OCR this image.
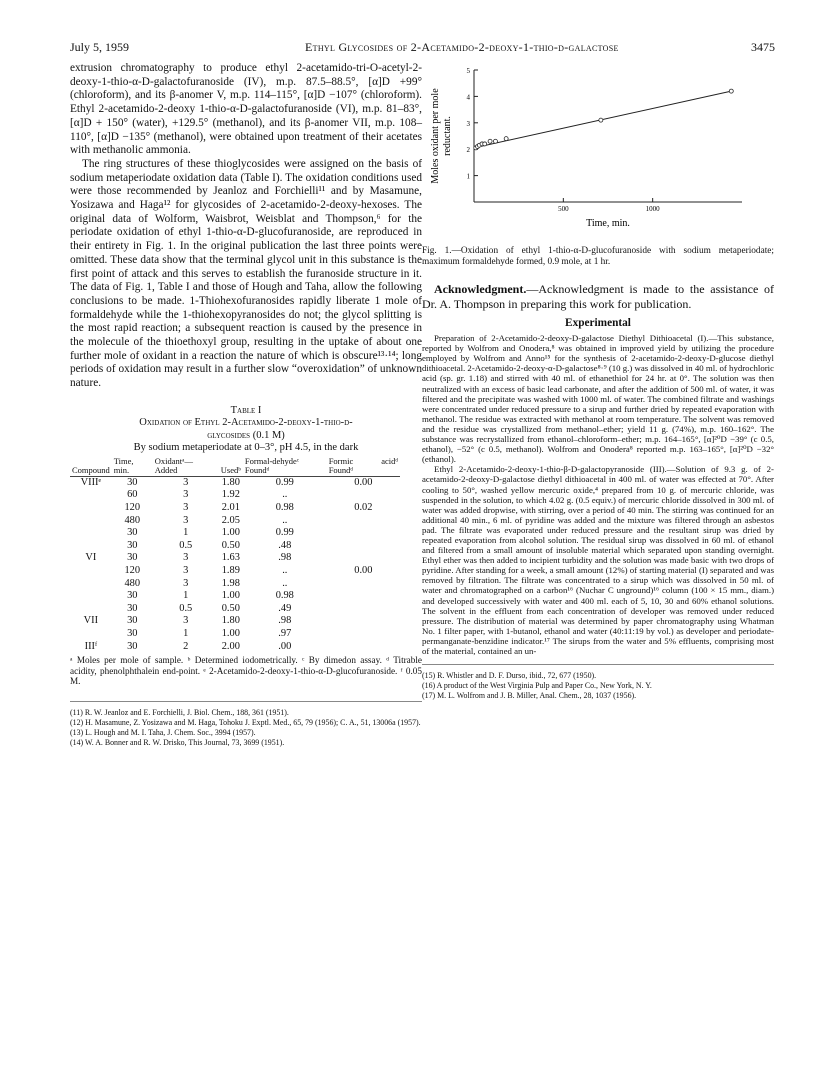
July 5, 1959	Ethyl Glycosides of 2-Acetamido-2-deoxy-1-thio-d-galactose	3475

extrusion chromatography to produce ethyl 2-acetamido-tri-O-acetyl-2-deoxy-1-thio-α-D-galactofuranoside (IV), m.p. 87.5–88.5°, [α]D +99° (chloroform), and its β-anomer V, m.p. 114–115°, [α]D −107° (chloroform). Ethyl 2-acetamido-2-deoxy 1-thio-α-D-galactofuranoside (VI), m.p. 81–83°, [α]D + 150° (water), +129.5° (methanol), and its β-anomer VII, m.p. 108–110°, [α]D −135° (methanol), were obtained upon treatment of their acetates with methanolic ammonia.

The ring structures of these thioglycosides were assigned on the basis of sodium metaperiodate oxidation data (Table I). The oxidation conditions used were those recommended by Jeanloz and Forchielli¹¹ and by Masamune, Yosizawa and Haga¹² for glycosides of 2-acetamido-2-deoxy-hexoses. The original data of Wolform, Waisbrot, Weisblat and Thompson,⁶ for the periodate oxidation of ethyl 1-thio-α-D-glucofuranoside, are reproduced in their entirety in Fig. 1. In the original publication the last three points were omitted. These data show that the terminal glycol unit in this substance is the first point of attack and this serves to establish the furanoside structure in it. The data of Fig. 1, Table I and those of Hough and Taha, allow the following conclusions to be made. 1-Thiohexofuranosides rapidly liberate 1 mole of formaldehyde while the 1-thiohexopyranosides do not; the glycol splitting is the most rapid reaction; a subsequent reaction is caused by the presence in the molecule of the thioethoxyl group, resulting in the uptake of about one further mole of oxidant in a reaction the nature of which is obscure¹³·¹⁴; long periods of oxidation may result in a further slow “overoxidation” of unknown nature.

Table I
Oxidation of Ethyl 2-Acetamido-2-deoxy-1-thio-d-
glycosides (0.1 M)
By sodium metaperiodate at 0–3°, pH 4.5, in the dark
Compound	Time, min.	Oxidantᵃ— Added	Usedᵇ	Formal-dehydeᶜ Foundᵈ	Formic acidᵈ Foundᵈ
VIIIᵉ	30	3	1.80	0.99	0.00
	60	3	1.92	..	
	120	3	2.01	0.98	0.02
	480	3	2.05	..	
	30	1	1.00	0.99	
	30	0.5	0.50	.48	
VI	30	3	1.63	.98	
	120	3	1.89	..	0.00
	480	3	1.98	..	
	30	1	1.00	0.98	
	30	0.5	0.50	.49	
VII	30	3	1.80	.98	
	30	1	1.00	.97	
IIIᶠ	30	2	2.00	.00	
ᵃ Moles per mole of sample. ᵇ Determined iodometrically. ᶜ By dimedon assay. ᵈ Titrable acidity, phenolphthalein end-point. ᵉ 2-Acetamido-2-deoxy-1-thio-α-D-glucofuranoside. ᶠ 0.05 M.

(11) R. W. Jeanloz and E. Forchielli, J. Biol. Chem., 188, 361 (1951).

(12) H. Masamune, Z. Yosizawa and M. Haga, Tohoku J. Exptl. Med., 65, 79 (1956); C. A., 51, 13006a (1957).

(13) L. Hough and M. I. Taha, J. Chem. Soc., 3994 (1957).

(14) W. A. Bonner and R. W. Drisko, This Journal, 73, 3699 (1951).

1
2
3
4
5
500	1000
Time, min.
Moles oxidant per mole reductant.
Fig. 1.—Oxidation of ethyl 1-thio-α-D-glucofuranoside with sodium metaperiodate; maximum formaldehyde formed, 0.9 mole, at 1 hr.

Acknowledgment.—Acknowledgment is made to the assistance of Dr. A. Thompson in preparing this work for publication.

Experimental

Preparation of 2-Acetamido-2-deoxy-D-galactose Diethyl Dithioacetal (I).—This substance, reported by Wolfrom and Onodera,⁸ was obtained in improved yield by utilizing the procedure employed by Wolfrom and Anno¹⁵ for the synthesis of 2-acetamido-2-deoxy-D-glucose diethyl dithioacetal. 2-Acetamido-2-deoxy-α-D-galactose⁸·⁹ (10 g.) was dissolved in 40 ml. of hydrochloric acid (sp. gr. 1.18) and stirred with 40 ml. of ethanethiol for 24 hr. at 0°. The solution was then neutralized with an excess of basic lead carbonate, and after the addition of 500 ml. of water, it was filtered and the precipitate was washed with 1000 ml. of water. The combined filtrate and washings were concentrated under reduced pressure to a sirup and further dried by repeated evaporation with methanol. The residue was extracted with methanol at room temperature. The solvent was removed and the residue was crystallized from methanol–ether; yield 11 g. (74%), m.p. 160–162°. The substance was recrystallized from ethanol–chloroform–ether; m.p. 164–165°, [α]²⁰D −39° (c 0.5, ethanol), −52° (c 0.5, methanol). Wolfrom and Onodera⁸ reported m.p. 163–165°, [α]²⁰D −32° (ethanol).

Ethyl 2-Acetamido-2-deoxy-1-thio-β-D-galactopyranoside (III).—Solution of 9.3 g. of 2-acetamido-2-deoxy-D-galactose diethyl dithioacetal in 400 ml. of water was effected at 70°. After cooling to 50°, washed yellow mercuric oxide,⁴ prepared from 10 g. of mercuric chloride, was suspended in the solution, to which 4.02 g. (0.5 equiv.) of mercuric chloride dissolved in 300 ml. of water was added dropwise, with stirring, over a period of 40 min. The stirring was continued for an additional 40 min., 6 ml. of pyridine was added and the mixture was filtered through an asbestos pad. The filtrate was evaporated under reduced pressure and the resultant sirup was dried by repeated evaporation from alcohol solution. The residual sirup was dissolved in 60 ml. of ethanol and filtered from a small amount of insoluble material which separated upon standing overnight. Ethyl ether was then added to incipient turbidity and the solution was made basic with two drops of pyridine. After standing for a week, a small amount (12%) of starting material (I) separated and was removed by filtration. The filtrate was concentrated to a sirup which was dissolved in 50 ml. of water and chromatographed on a carbon¹⁶ (Nuchar C unground)¹⁶ column (100 × 15 mm., diam.) and developed successively with water and 400 ml. each of 5, 10, 30 and 60% ethanol solutions. The solvent in the effluent from each concentration of developer was removed under reduced pressure. The distribution of material was determined by paper chromatography using Whatman No. 1 filter paper, with 1-butanol, ethanol and water (40:11:19 by vol.) as developer and periodate-permanganate-benzidine indicator.¹⁷ The sirups from the water and 5% effluents, comprising most of the material, contained an un-

(15) R. Whistler and D. F. Durso, ibid., 72, 677 (1950).

(16) A product of the West Virginia Pulp and Paper Co., New York, N. Y.

(17) M. L. Wolfrom and J. B. Miller, Anal. Chem., 28, 1037 (1956).
